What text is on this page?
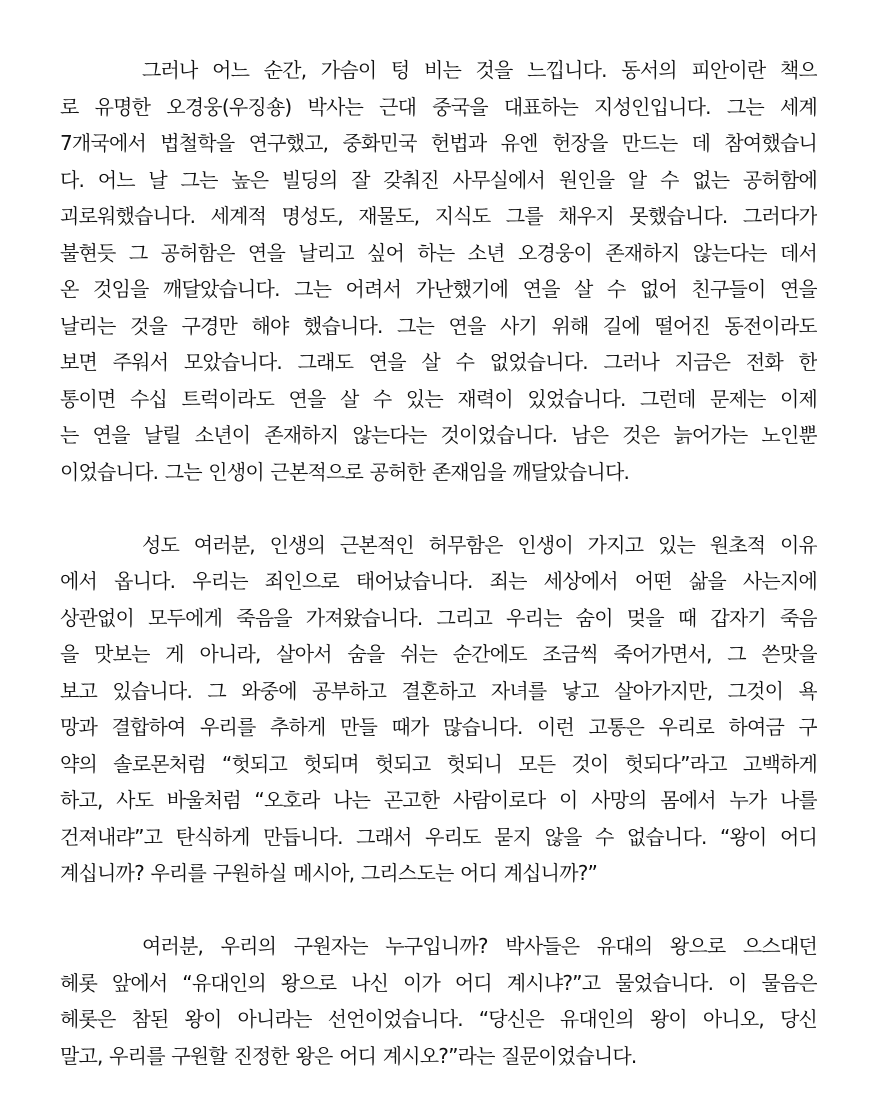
그러나 어느 순간, 가슴이 텅 비는 것을 느낍니다. 동서의 피안이란 책으
로 유명한 오경웅(우징숑) 박사는 근대 중국을 대표하는 지성인입니다. 그는 세계
7개국에서 법철학을 연구했고, 중화민국 헌법과 유엔 헌장을 만드는 데 참여했습니
다. 어느 날 그는 높은 빌딩의 잘 갖춰진 사무실에서 원인을 알 수 없는 공허함에
괴로워했습니다. 세계적 명성도, 재물도, 지식도 그를 채우지 못했습니다. 그러다가
불현듯 그 공허함은 연을 날리고 싶어 하는 소년 오경웅이 존재하지 않는다는 데서
온 것임을 깨달았습니다. 그는 어려서 가난했기에 연을 살 수 없어 친구들이 연을
날리는 것을 구경만 해야 했습니다. 그는 연을 사기 위해 길에 떨어진 동전이라도
보면 주워서 모았습니다. 그래도 연을 살 수 없었습니다. 그러나 지금은 전화 한
통이면 수십 트럭이라도 연을 살 수 있는 재력이 있었습니다. 그런데 문제는 이제
는 연을 날릴 소년이 존재하지 않는다는 것이었습니다. 남은 것은 늙어가는 노인뿐
이었습니다. 그는 인생이 근본적으로 공허한 존재임을 깨달았습니다.
성도 여러분, 인생의 근본적인 허무함은 인생이 가지고 있는 원초적 이유
에서 옵니다. 우리는 죄인으로 태어났습니다. 죄는 세상에서 어떤 삶을 사는지에
상관없이 모두에게 죽음을 가져왔습니다. 그리고 우리는 숨이 멎을 때 갑자기 죽음
을 맛보는 게 아니라, 살아서 숨을 쉬는 순간에도 조금씩 죽어가면서, 그 쓴맛을
보고 있습니다. 그 와중에 공부하고 결혼하고 자녀를 낳고 살아가지만, 그것이 욕
망과 결합하여 우리를 추하게 만들 때가 많습니다. 이런 고통은 우리로 하여금 구
약의 솔로몬처럼 “헛되고 헛되며 헛되고 헛되니 모든 것이 헛되다”라고 고백하게
하고, 사도 바울처럼 “오호라 나는 곤고한 사람이로다 이 사망의 몸에서 누가 나를
건져내랴”고 탄식하게 만듭니다. 그래서 우리도 묻지 않을 수 없습니다. “왕이 어디
계십니까? 우리를 구원하실 메시아, 그리스도는 어디 계십니까?”
여러분, 우리의 구원자는 누구입니까? 박사들은 유대의 왕으로 으스대던
헤롯 앞에서 “유대인의 왕으로 나신 이가 어디 계시냐?”고 물었습니다. 이 물음은
헤롯은 참된 왕이 아니라는 선언이었습니다. “당신은 유대인의 왕이 아니오, 당신
말고, 우리를 구원할 진정한 왕은 어디 계시오?”라는 질문이었습니다.
